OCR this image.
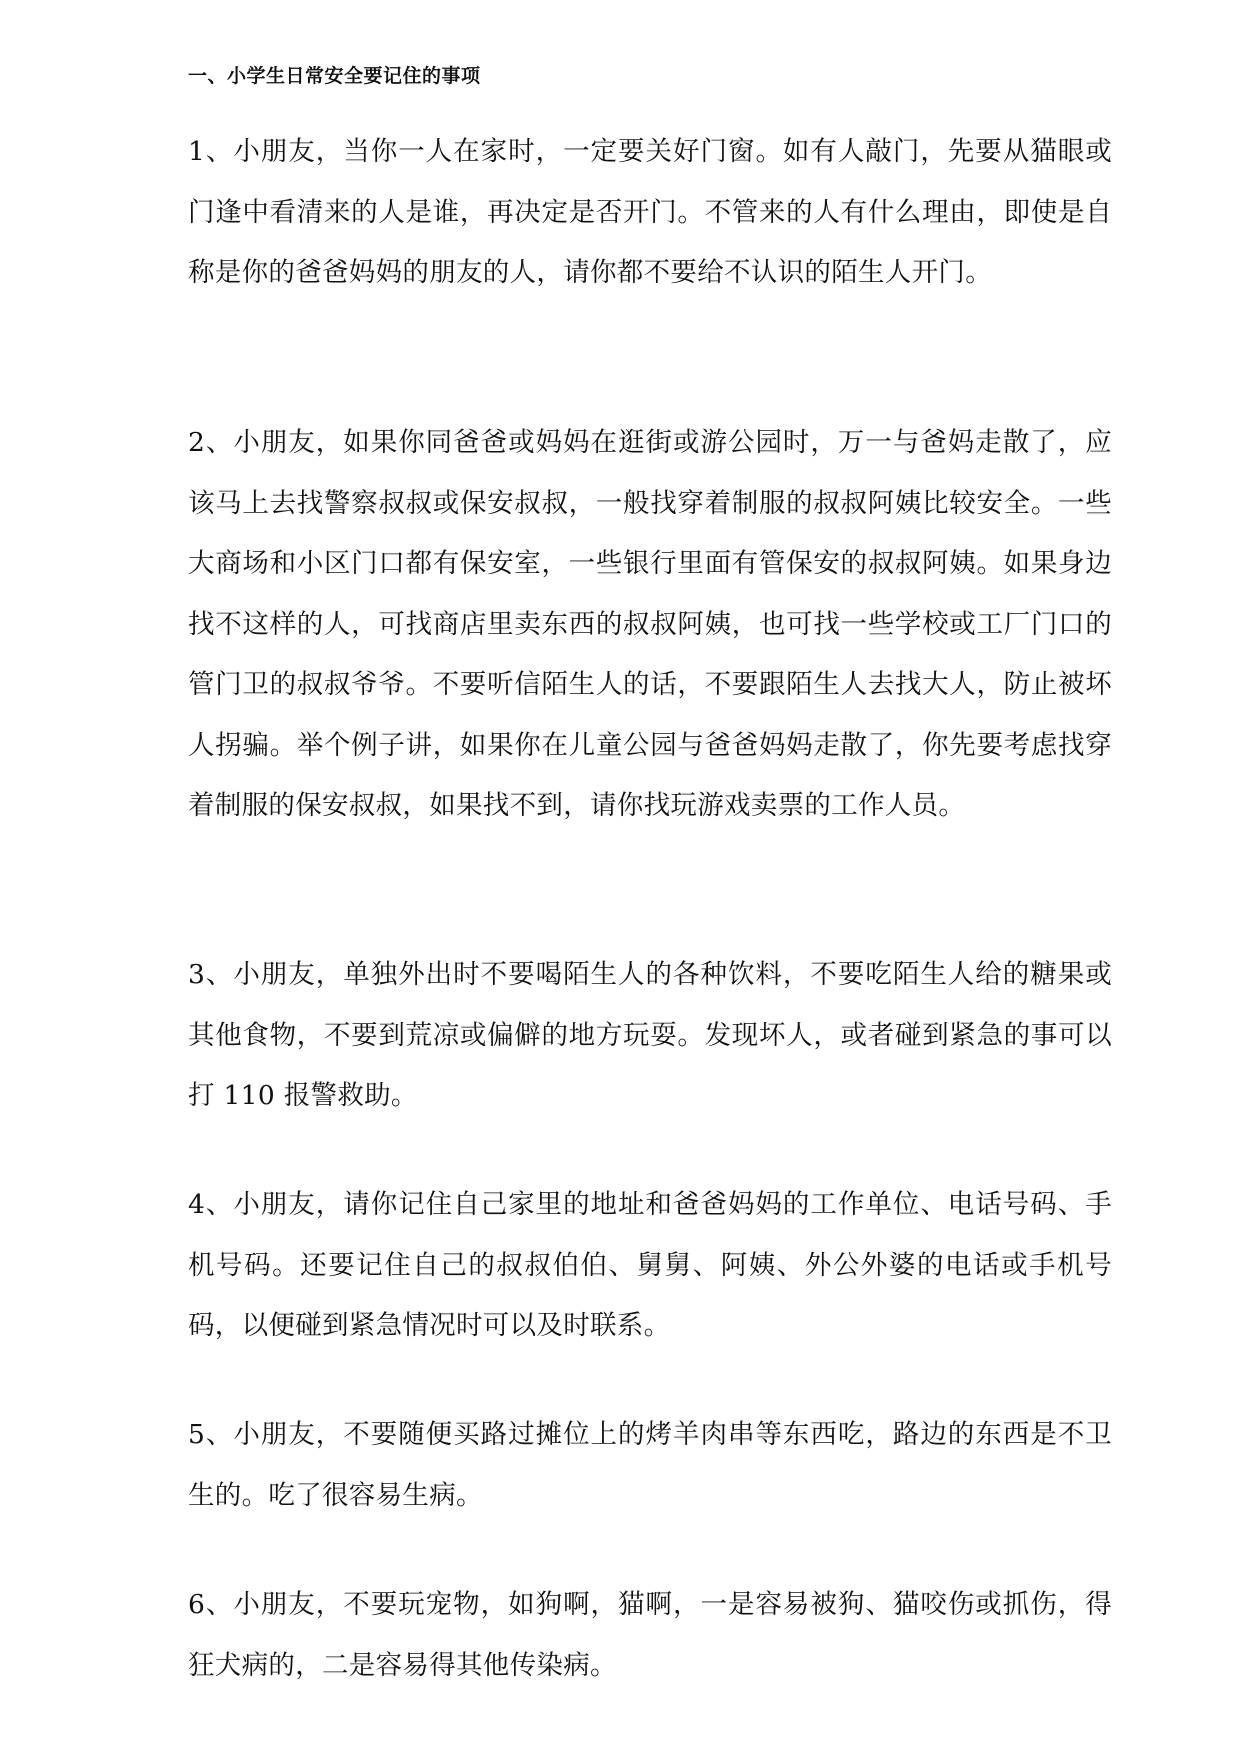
一、小学生日常安全要记住的事项

1、小朋友，当你一人在家时，一定要关好门窗。如有人敲门，先要从猫眼或门逢中看清来的人是谁，再决定是否开门。不管来的人有什么理由，即使是自称是你的爸爸妈妈的朋友的人，请你都不要给不认识的陌生人开门。

2、小朋友，如果你同爸爸或妈妈在逛街或游公园时，万一与爸妈走散了，应该马上去找警察叔叔或保安叔叔，一般找穿着制服的叔叔阿姨比较安全。一些大商场和小区门口都有保安室，一些银行里面有管保安的叔叔阿姨。如果身边找不这样的人，可找商店里卖东西的叔叔阿姨，也可找一些学校或工厂门口的管门卫的叔叔爷爷。不要听信陌生人的话，不要跟陌生人去找大人，防止被坏人拐骗。举个例子讲，如果你在儿童公园与爸爸妈妈走散了，你先要考虑找穿着制服的保安叔叔，如果找不到，请你找玩游戏卖票的工作人员。

3、小朋友，单独外出时不要喝陌生人的各种饮料，不要吃陌生人给的糖果或其他食物，不要到荒凉或偏僻的地方玩耍。发现坏人，或者碰到紧急的事可以打 110 报警救助。

4、小朋友，请你记住自己家里的地址和爸爸妈妈的工作单位、电话号码、手机号码。还要记住自己的叔叔伯伯、舅舅、阿姨、外公外婆的电话或手机号码，以便碰到紧急情况时可以及时联系。

5、小朋友，不要随便买路过摊位上的烤羊肉串等东西吃，路边的东西是不卫生的。吃了很容易生病。

6、小朋友，不要玩宠物，如狗啊，猫啊，一是容易被狗、猫咬伤或抓伤，得狂犬病的，二是容易得其他传染病。
